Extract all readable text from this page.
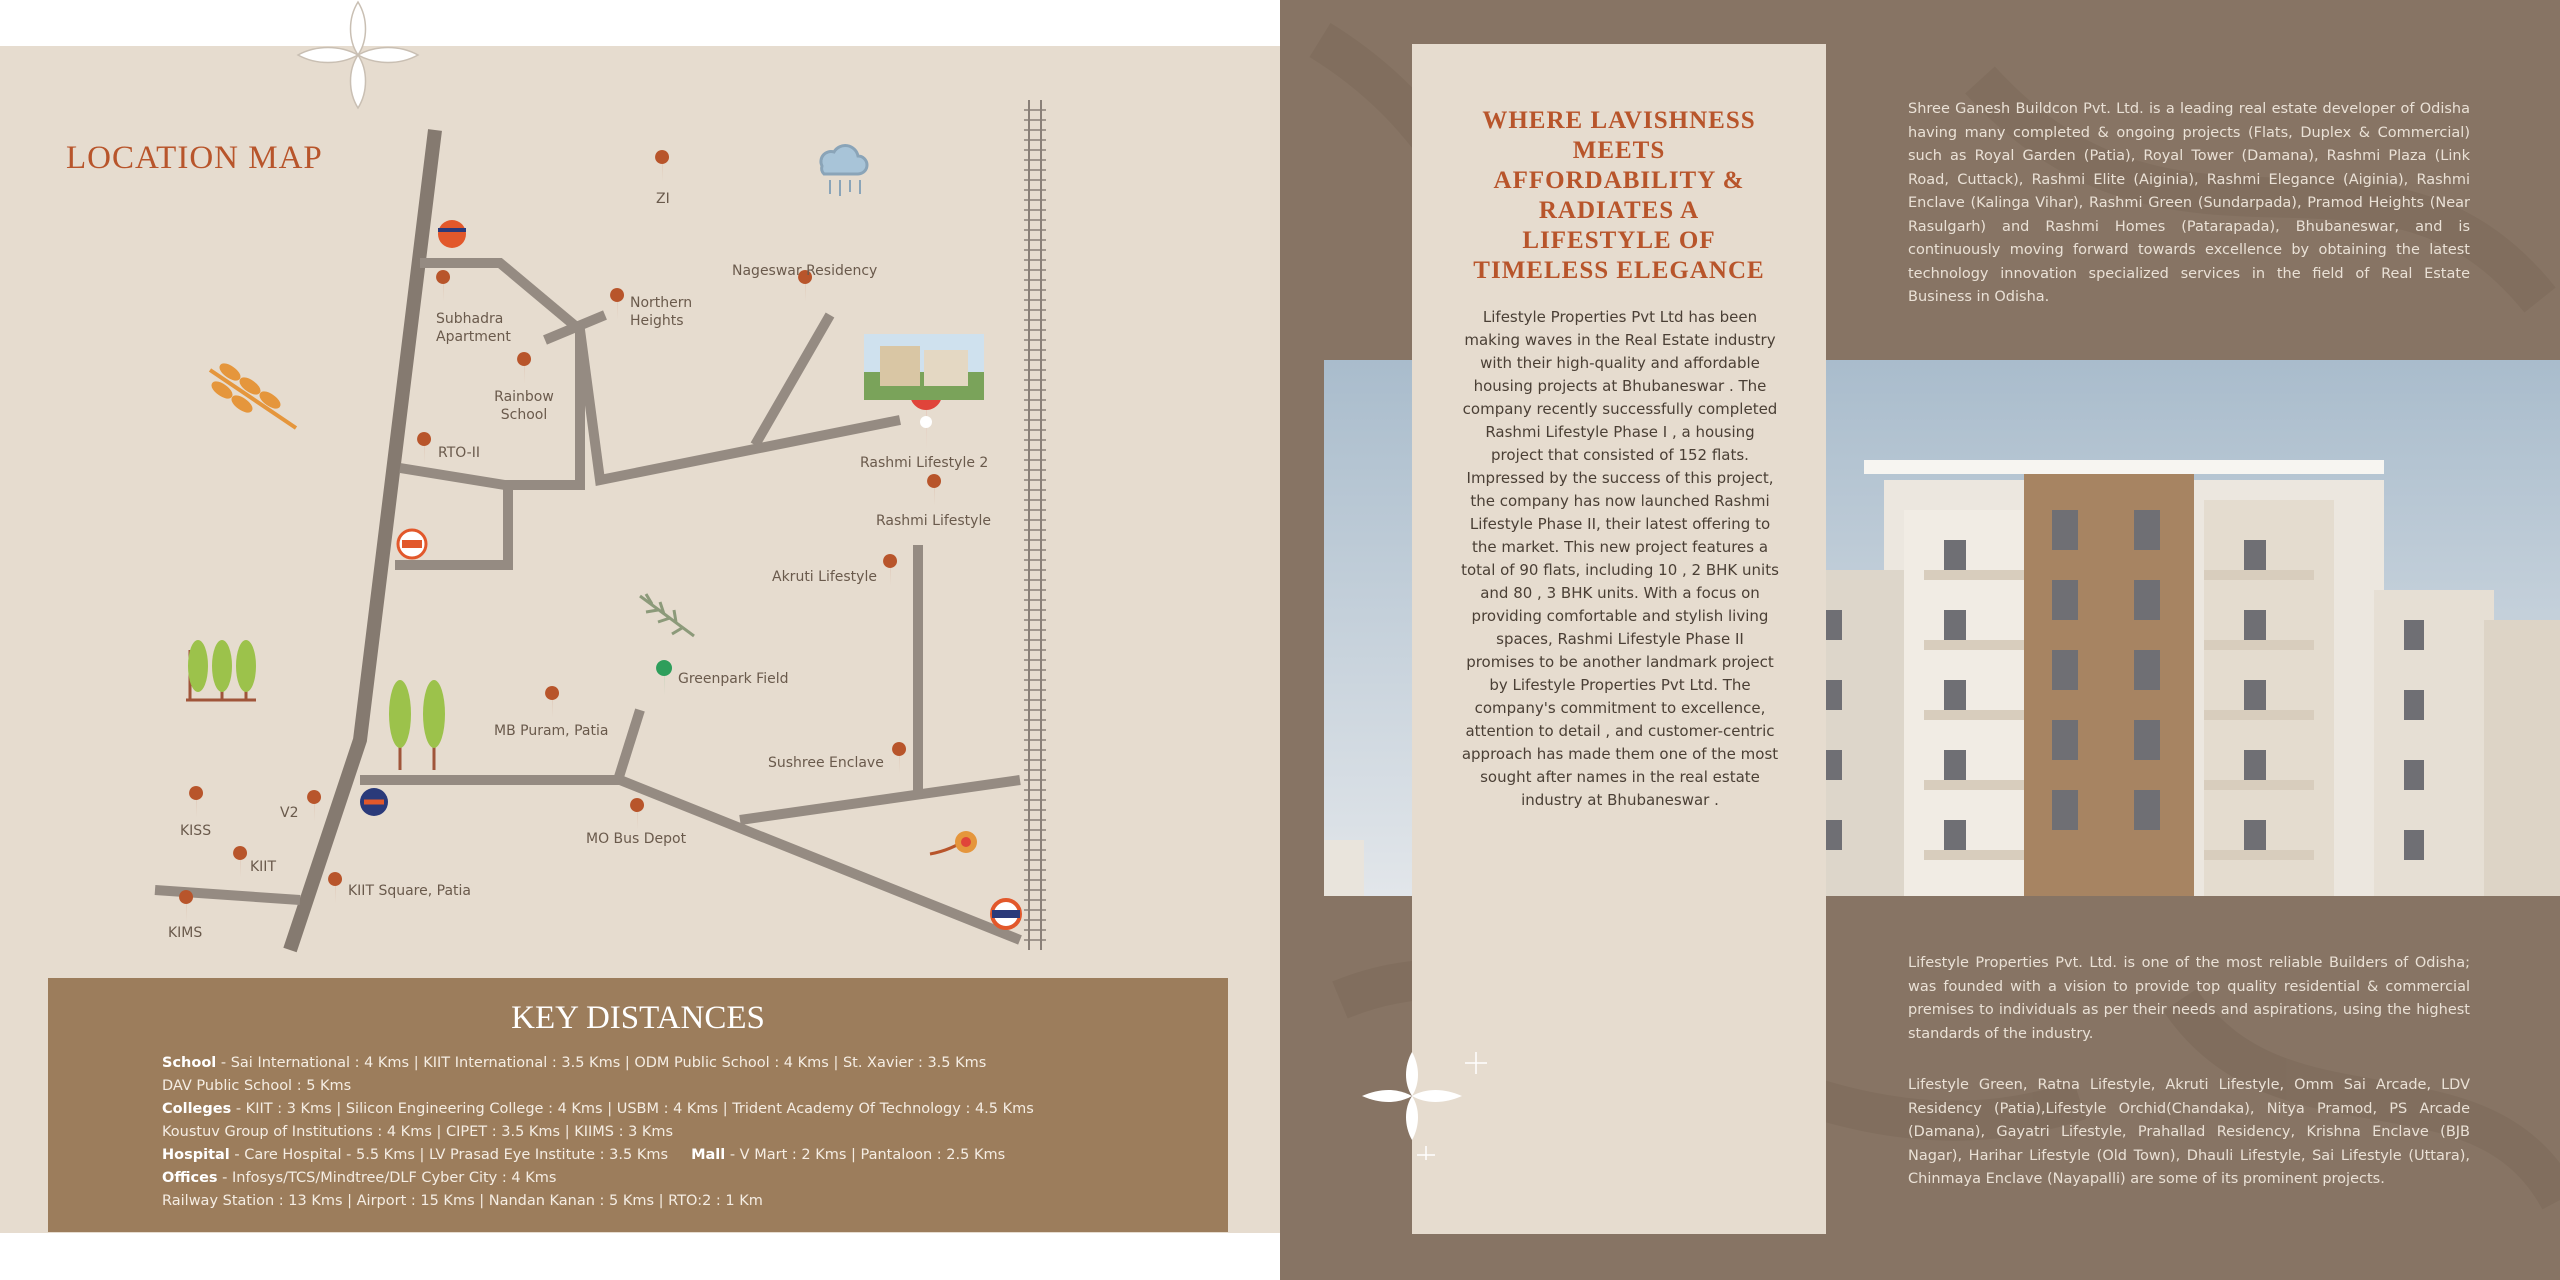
LOCATION MAP
ZI
Subhadra Apartment
Northern Heights
Nageswar Residency
Rainbow School
RTO-II
Rashmi Lifestyle 2
Rashmi Lifestyle
Akruti Lifestyle
Greenpark Field
MB Puram, Patia
Sushree Enclave
V2
KISS	MO Bus Depot
KIIT
KIIT Square, Patia
KIMS
KEY DISTANCES
School - Sai International : 4 Kms | KIIT International : 3.5 Kms | ODM Public School : 4 Kms | St. Xavier : 3.5 Kms
DAV Public School : 5 Kms
Colleges - KIIT : 3 Kms | Silicon Engineering College : 4 Kms | USBM : 4 Kms | Trident Academy Of Technology : 4.5 Kms
Koustuv Group of Institutions : 4 Kms | CIPET : 3.5 Kms | KIIMS : 3 Kms
Hospital - Care Hospital - 5.5 Kms | LV Prasad Eye Institute : 3.5 Kms Mall - V Mart : 2 Kms | Pantaloon : 2.5 Kms
Offices - Infosys/TCS/Mindtree/DLF Cyber City : 4 Kms
Railway Station : 13 Kms | Airport : 15 Kms | Nandan Kanan : 5 Kms | RTO:2 : 1 Km
WHERE LAVISHNESS MEETS AFFORDABILITY & RADIATES A LIFESTYLE OF TIMELESS ELEGANCE
Lifestyle Properties Pvt Ltd has been making waves in the Real Estate industry with their high-quality and affordable housing projects at Bhubaneswar . The company recently successfully completed Rashmi Lifestyle Phase I , a housing project that consisted of 152 flats. Impressed by the success of this project, the company has now launched Rashmi Lifestyle Phase II, their latest offering to the market. This new project features a total of 90 flats, including 10 , 2 BHK units and 80 , 3 BHK units. With a focus on providing comfortable and stylish living spaces, Rashmi Lifestyle Phase II promises to be another landmark project by Lifestyle Properties Pvt Ltd. The company's commitment to excellence, attention to detail , and customer-centric approach has made them one of the most sought after names in the real estate industry at Bhubaneswar .
Shree Ganesh Buildcon Pvt. Ltd. is a leading real estate developer of Odisha having many completed & ongoing projects (Flats, Duplex & Commercial) such as Royal Garden (Patia), Royal Tower (Damana), Rashmi Plaza (Link Road, Cuttack), Rashmi Elite (Aiginia), Rashmi Elegance (Aiginia), Rashmi Enclave (Kalinga Vihar), Rashmi Green (Sundarpada), Pramod Heights (Near Rasulgarh) and Rashmi Homes (Patarapada), Bhubaneswar, and is continuously moving forward towards excellence by obtaining the latest technology innovation specialized services in the field of Real Estate Business in Odisha.
Lifestyle Properties Pvt. Ltd. is one of the most reliable Builders of Odisha; was founded with a vision to provide top quality residential & commercial premises to individuals as per their needs and aspirations, using the highest standards of the industry.
Lifestyle Green, Ratna Lifestyle, Akruti Lifestyle, Omm Sai Arcade, LDV Residency (Patia),Lifestyle Orchid(Chandaka), Nitya Pramod, PS Arcade (Damana), Gayatri Lifestyle, Prahallad Residency, Krishna Enclave (BJB Nagar), Harihar Lifestyle (Old Town), Dhauli Lifestyle, Sai Lifestyle (Uttara), Chinmaya Enclave (Nayapalli) are some of its prominent projects.
